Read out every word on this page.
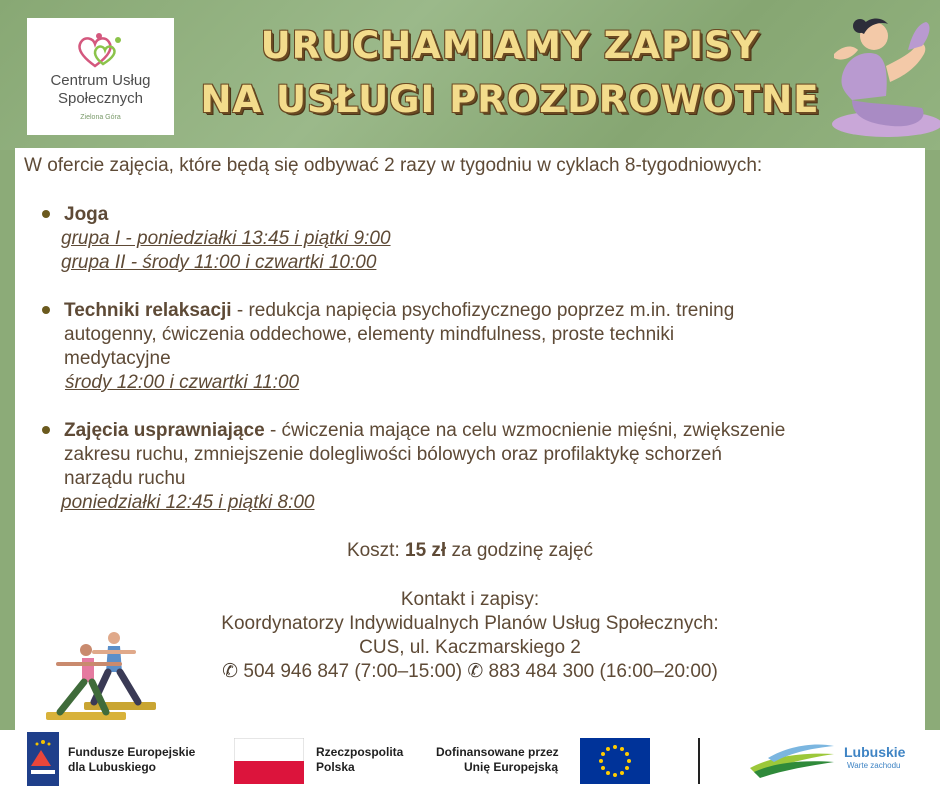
Centrum Usług
Społecznych
Zielona Góra
URUCHAMIAMY ZAPISY
NA USŁUGI PROZDROWOTNE
W ofercie zajęcia, które będą się odbywać 2 razy w tygodniu w cyklach 8-tygodniowych:
Joga
grupa I - poniedziałki 13:45 i piątki 9:00
grupa II - środy 11:00 i czwartki 10:00
Techniki relaksacji - redukcja napięcia psychofizycznego poprzez m.in. trening
autogenny, ćwiczenia oddechowe, elementy mindfulness, proste techniki
medytacyjne
środy 12:00 i czwartki 11:00
Zajęcia usprawniające - ćwiczenia mające na celu wzmocnienie mięśni, zwiększenie
zakresu ruchu, zmniejszenie dolegliwości bólowych oraz profilaktykę schorzeń
narządu ruchu
poniedziałki 12:45 i piątki 8:00
Koszt: 15 zł za godzinę zajęć
Kontakt i zapisy:
Koordynatorzy Indywidualnych Planów Usług Społecznych:
CUS, ul. Kaczmarskiego 2
✆ 504 946 847 (7:00–15:00) ✆ 883 484 300 (16:00–20:00)
Fundusze Europejskie
dla Lubuskiego
Rzeczpospolita
Polska
Dofinansowane przez
Unię Europejską
Lubuskie
Warte zachodu
